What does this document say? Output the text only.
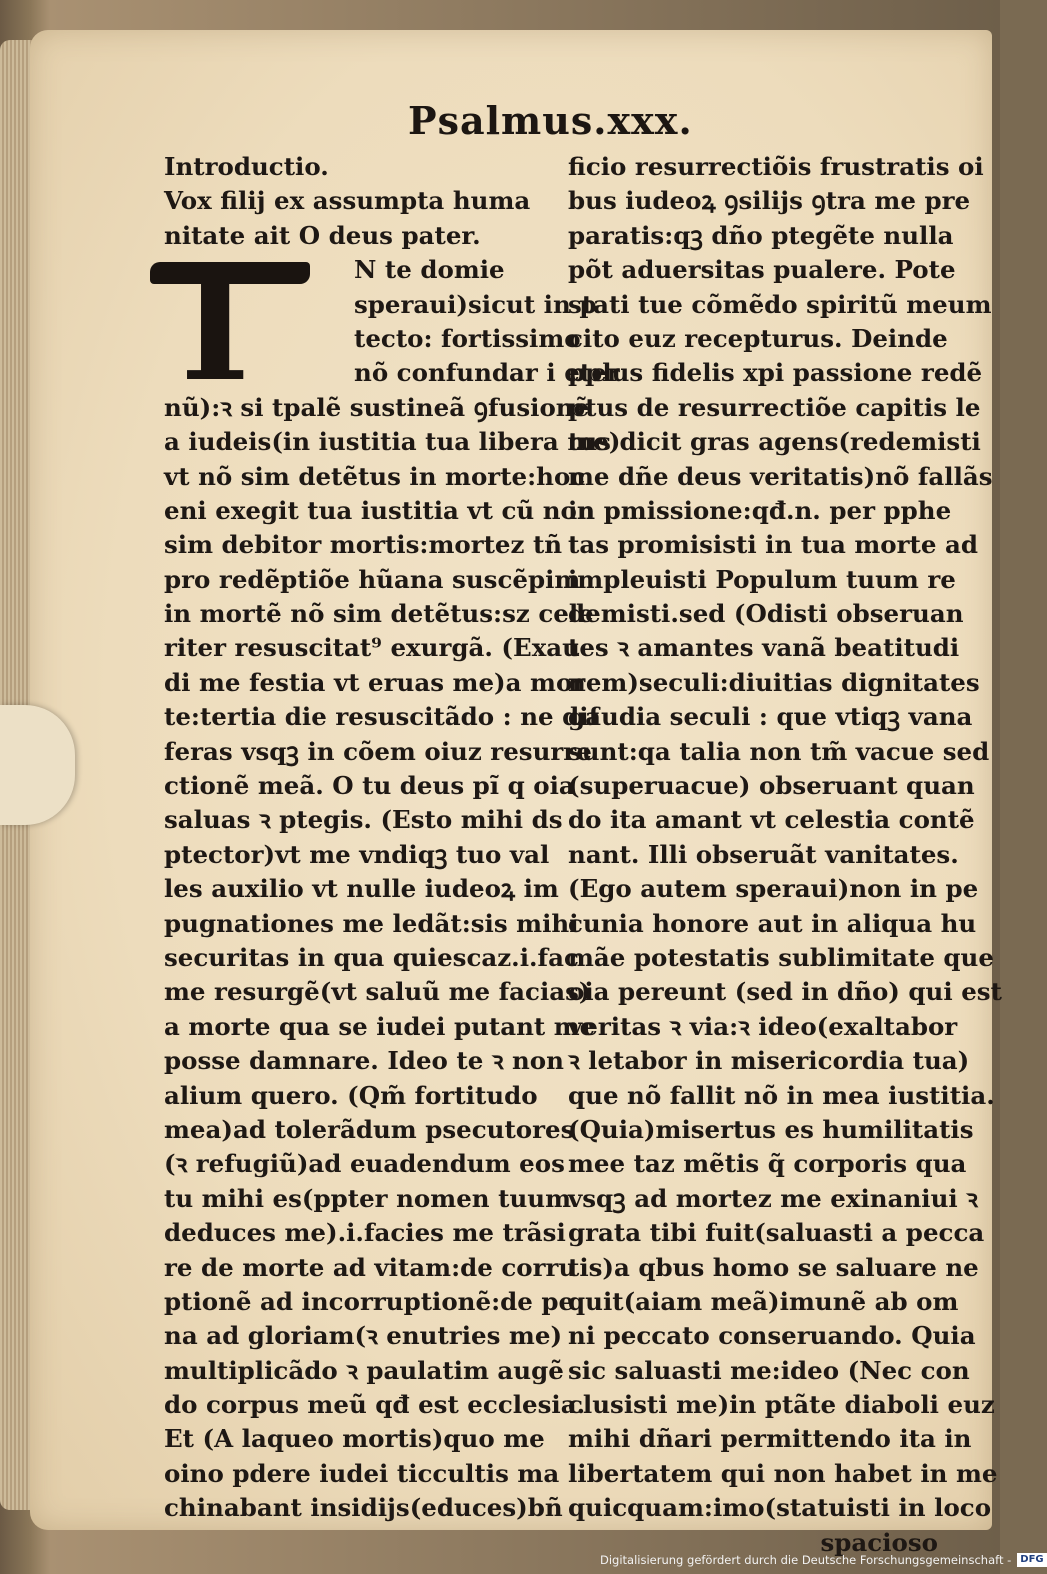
Psalmus.xxx.
I
Introductio.
Vox filij ex assumpta huma
nitate ait O deus pater.
N te domie
speraui)sicut in p
tecto: fortissimo
nõ confundar i eter
nũ):ꝛ si tpalẽ sustineã ꝯfusionẽ
a iudeis(in iustitia tua libera me)
vt nõ sim detẽtus in morte:hoc
eni exegit tua iustitia vt cũ non
sim debitor mortis:mortez tñ
pro redẽptiõe hũana suscẽpim
in mortẽ nõ sim detẽtus:sz cele
riter resuscitat⁹ exurgã. (Exau
di me festia vt eruas me)a mor
te:tertia die resuscitãdo : ne dif
feras vsqꝫ in cõem oiuz resurre
ctionẽ meã. O tu deus pĩ q oia
saluas ꝛ ptegis. (Esto mihi ds
ptector)vt me vndiqꝫ tuo val
les auxilio vt nulle iudeoꝝ im
pugnationes me ledãt:sis mihi
securitas in qua quiescaz.i.fac
me resurgẽ(vt saluũ me facias)
a morte qua se iudei putant me
posse damnare. Ideo te ꝛ non
alium quero. (Qm̃ fortitudo
mea)ad tolerãdum psecutores
(ꝛ refugiũ)ad euadendum eos
tu mihi es(ppter nomen tuum
deduces me).i.facies me trãsi
re de morte ad vitam:de corru
ptionẽ ad incorruptionẽ:de pe
na ad gloriam(ꝛ enutries me)
multiplicãdo ꝛ paulatim augẽ
do corpus meũ qđ est ecclesia.
Et (A laqueo mortis)quo me
oino pdere iudei ticcultis ma
chinabant insidijs(educes)bñ
ficio resurrectiõis frustratis oi
bus iudeoꝝ ꝯsilijs ꝯtra me pre
paratis:qꝫ dño ptegẽte nulla
põt aduersitas pualere. Pote
stati tue cõmẽdo spiritũ meum
cito euz recepturus. Deinde
pplus fidelis xpi passione redẽ
ptus de resurrectiõe capitis le
tus dicit gras agens(redemisti
me dñe deus veritatis)nõ fallãs
in pmissione:qđ.n. per pphe
tas promisisti in tua morte ad
impleuisti Populum tuum re
demisti.sed (Odisti obseruan
tes ꝛ amantes vanã beatitudi
nem)seculi:diuitias dignitates
gaudia seculi : que vtiqꝫ vana
sunt:qa talia non tm̃ vacue sed
(superuacue) obseruant quan
do ita amant vt celestia contẽ
nant. Illi obseruãt vanitates.
(Ego autem speraui)non in pe
cunia honore aut in aliqua hu
mãe potestatis sublimitate que
oia pereunt (sed in dño) qui est
veritas ꝛ via:ꝛ ideo(exaltabor
ꝛ letabor in misericordia tua)
que nõ fallit nõ in mea iustitia.
(Quia)misertus es humilitatis
mee taz mẽtis q̃ corporis qua
vsqꝫ ad mortez me exinaniui ꝛ
grata tibi fuit(saluasti a pecca
tis)a qbus homo se saluare ne
quit(aiam meã)imunẽ ab om
ni peccato conseruando. Quia
sic saluasti me:ideo (Nec con
clusisti me)in ptãte diaboli euz
mihi dñari permittendo ita in
libertatem qui non habet in me
quicquam:imo(statuisti in loco
spacioso
Digitalisierung gefördert durch die Deutsche Forschungsgemeinschaft - DFG
